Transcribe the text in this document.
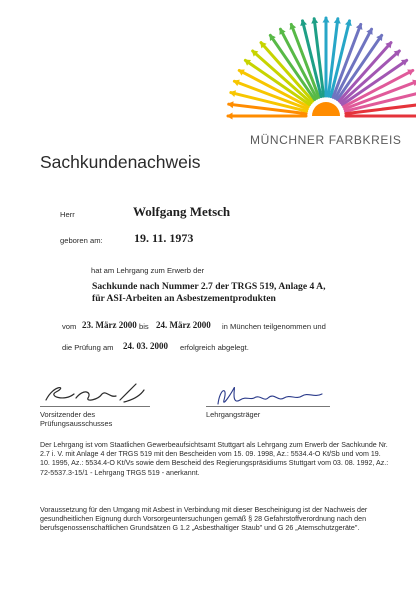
MÜNCHNER FARBKREIS
Sachkundenachweis
Herr	Wolfgang Metsch
geboren am:	19. 11. 1973
hat am Lehrgang zum Erwerb der
Sachkunde nach Nummer 2.7 der TRGS 519, Anlage 4 A,
für ASI-Arbeiten an Asbestzementprodukten
vom 23. März 2000 bis 24. März 2000 in München teilgenommen und
die Prüfung am 24. 03. 2000 erfolgreich abgelegt.
Vorsitzender des
Prüfungsausschusses
Lehrgangsträger
Der Lehrgang ist vom Staatlichen Gewerbeaufsichtsamt Stuttgart als Lehrgang zum Erwerb der Sachkunde Nr. 2.7 i. V. mit Anlage 4 der TRGS 519 mit den Bescheiden vom 15. 09. 1998, Az.: 5534.4-O Kt/Sb und vom 19. 10. 1995, Az.: 5534.4-O Kt/Vs sowie dem Bescheid des Regierungspräsidiums Stuttgart vom 03. 08. 1992, Az.: 72-5537.3-15/1 - Lehrgang TRGS 519 - anerkannt.
Voraussetzung für den Umgang mit Asbest in Verbindung mit dieser Bescheinigung ist der Nachweis der gesundheitlichen Eignung durch Vorsorgeuntersuchungen gemäß § 28 Gefahrstoffverordnung nach den berufsgenossenschaftlichen Grundsätzen G 1.2 „Asbesthaltiger Staub" und G 26 „Atemschutzgeräte".
